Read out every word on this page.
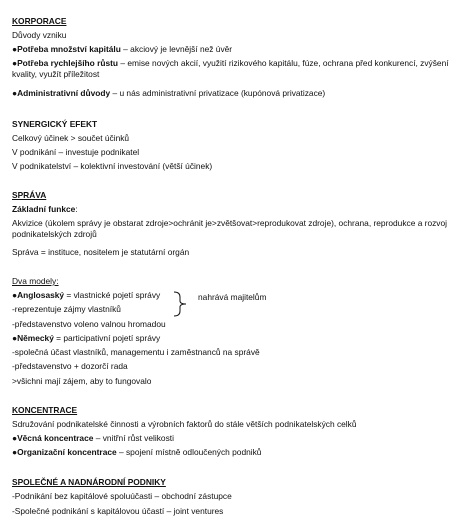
KORPORACE
Důvody vzniku
●Potřeba množství kapitálu – akciový je levnější než úvěr
●Potřeba rychlejšího růstu – emise nových akcií, využití rizikového kapitálu, fúze, ochrana před konkurencí, zvýšení kvality, využít příležitost
●Administrativní důvody – u nás administrativní privatizace (kupónová privatizace)
SYNERGICKÝ EFEKT
Celkový účinek > součet účinků
V podnikání – investuje podnikatel
V podnikatelství – kolektivní investování (větší účinek)
SPRÁVA
Základní funkce:
Akvizice (úkolem správy je obstarat zdroje>ochránit je>zvětšovat>reprodukovat zdroje), ochrana, reprodukce a rozvoj podnikatelských zdrojů
Správa = instituce, nositelem je statutární orgán
Dva modely:
●Anglosaský = vlastnické pojetí správy
-reprezentuje zájmy vlastníků
nahrává majitelům
-představenstvo voleno valnou hromadou
●Německý = participativní pojetí správy
-společná účast vlastníků, managementu i zaměstnanců na správě
-představenstvo + dozorčí rada
>všichni mají zájem, aby to fungovalo
KONCENTRACE
Sdružování podnikatelské činnosti a výrobních faktorů do stále větších podnikatelských celků
●Věcná koncentrace – vnitřní růst velikosti
●Organizační koncentrace – spojení místně odloučených podniků
SPOLEČNÉ A NADNÁRODNÍ PODNIKY
-Podnikání bez kapitálové spoluúčasti – obchodní zástupce
-Společné podnikání s kapitálovou účastí – joint ventures
